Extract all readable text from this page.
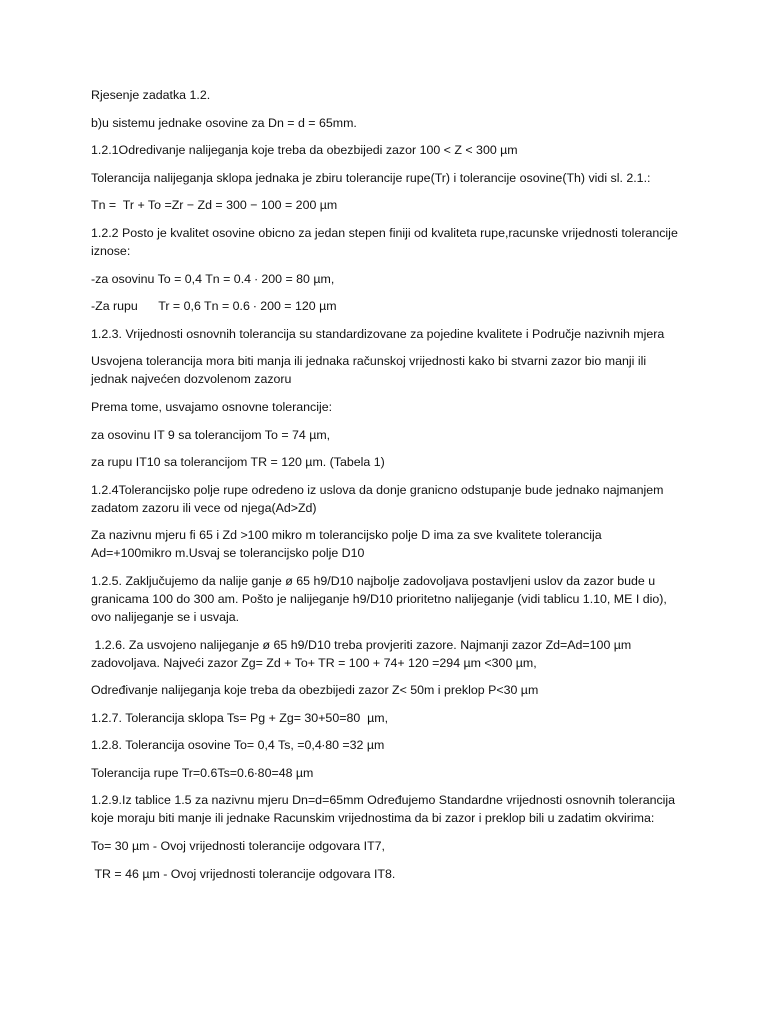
Rjesenje zadatka 1.2.

b)u sistemu jednake osovine za Dn = d = 65mm.

1.2.1Odredivanje nalijeganja koje treba da obezbijedi zazor 100 < Z < 300 µm

Tolerancija nalijeganja sklopa jednaka je zbiru tolerancije rupe(Tr) i tolerancije osovine(Th) vidi sl. 2.1.:

Tn =  Tr + To =Zr − Zd = 300 − 100 = 200 µm

1.2.2 Posto je kvalitet osovine obicno za jedan stepen finiji od kvaliteta rupe,racunske vrijednosti tolerancije iznose:

-za osovinu To = 0,4 Tn = 0.4 ∙ 200 = 80 µm,

-Za rupu      Tr = 0,6 Tn = 0.6 ∙ 200 = 120 µm

1.2.3. Vrijednosti osnovnih tolerancija su standardizovane za pojedine kvalitete i Područje nazivnih mjera

Usvojena tolerancija mora biti manja ili jednaka računskoj vrijednosti kako bi stvarni zazor bio manji ili jednak najvećen dozvolenom zazoru

Prema tome, usvajamo osnovne tolerancije:

za osovinu IT 9 sa tolerancijom To = 74 µm,

za rupu IT10 sa tolerancijom TR = 120 µm. (Tabela 1)

1.2.4Tolerancijsko polje rupe odredeno iz uslova da donje granicno odstupanje bude jednako najmanjem zadatom zazoru ili vece od njega(Ad>Zd)

Za nazivnu mjeru fi 65 i Zd >100 mikro m tolerancijsko polje D ima za sve kvalitete tolerancija Ad=+100mikro m.Usvaj se tolerancijsko polje D10

1.2.5. Zaključujemo da nalije ganje ø 65 h9/D10 najbolje zadovoljava postavljeni uslov da zazor bude u granicama 100 do 300 am. Pošto je nalijeganje h9/D10 prioritetno nalijeganje (vidi tablicu 1.10, ME I dio), ovo nalijeganje se i usvaja.

1.2.6. Za usvojeno nalijeganje ø 65 h9/D10 treba provjeriti zazore. Najmanji zazor Zd=Ad=100 µm zadovoljava. Najveći zazor Zg= Zd + To+ TR = 100 + 74+ 120 =294 µm <300 µm,

Određivanje nalijeganja koje treba da obezbijedi zazor Z< 50m i preklop P<30 µm

1.2.7. Tolerancija sklopa Ts= Pg + Zg= 30+50=80  µm,

1.2.8. Tolerancija osovine To= 0,4 Ts, =0,4∙80 =32 µm

Tolerancija rupe Tr=0.6Ts=0.6∙80=48 µm

1.2.9.Iz tablice 1.5 za nazivnu mjeru Dn=d=65mm Određujemo Standardne vrijednosti osnovnih tolerancija koje moraju biti manje ili jednake Racunskim vrijednostima da bi zazor i preklop bili u zadatim okvirima:

To= 30 µm - Ovoj vrijednosti tolerancije odgovara IT7,

TR = 46 µm - Ovoj vrijednosti tolerancije odgovara IT8.
